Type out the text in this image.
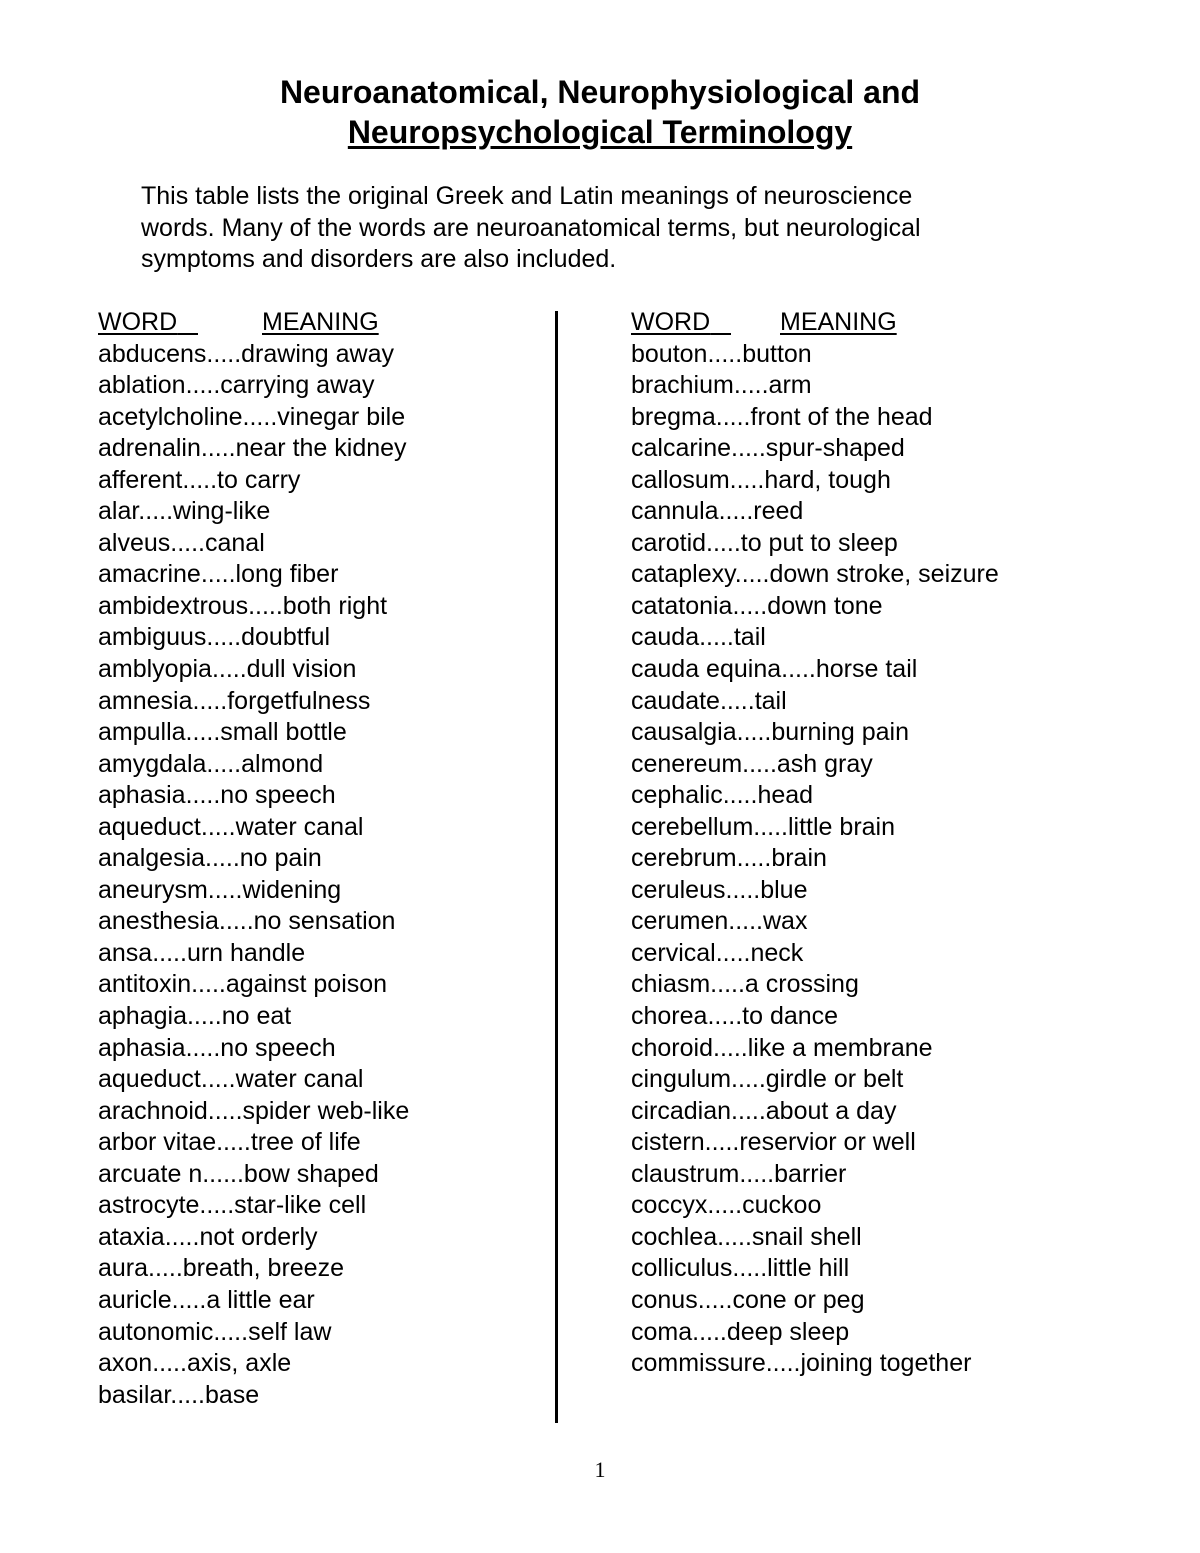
Neuroanatomical, Neurophysiological and
Neuropsychological Terminology

This table lists the original Greek and Latin meanings of neuroscience

words. Many of the words are neuroanatomical terms, but neurological

symptoms and disorders are also included.

WORD	MEANING
abducens.....drawing away
ablation.....carrying away
acetylcholine.....vinegar bile
adrenalin.....near the kidney
afferent.....to carry
alar.....wing-like
alveus.....canal
amacrine.....long fiber
ambidextrous.....both right
ambiguus.....doubtful
amblyopia.....dull vision
amnesia.....forgetfulness
ampulla.....small bottle
amygdala.....almond
aphasia.....no speech
aqueduct.....water canal
analgesia.....no pain
aneurysm.....widening
anesthesia.....no sensation
ansa.....urn handle
antitoxin.....against poison
aphagia.....no eat
aphasia.....no speech
aqueduct.....water canal
arachnoid.....spider web-like
arbor vitae.....tree of life
arcuate n......bow shaped
astrocyte.....star-like cell
ataxia.....not orderly
aura.....breath, breeze
auricle.....a little ear
autonomic.....self law
axon.....axis, axle
basilar.....base
WORD	MEANING
bouton.....button
brachium.....arm
bregma.....front of the head
calcarine.....spur-shaped
callosum.....hard, tough
cannula.....reed
carotid.....to put to sleep
cataplexy.....down stroke, seizure
catatonia.....down tone
cauda.....tail
cauda equina.....horse tail
caudate.....tail
causalgia.....burning pain
cenereum.....ash gray
cephalic.....head
cerebellum.....little brain
cerebrum.....brain
ceruleus.....blue
cerumen.....wax
cervical.....neck
chiasm.....a crossing
chorea.....to dance
choroid.....like a membrane
cingulum.....girdle or belt
circadian.....about a day
cistern.....reservior or well
claustrum.....barrier
coccyx.....cuckoo
cochlea.....snail shell
colliculus.....little hill
conus.....cone or peg
coma.....deep sleep
commissure.....joining together
1
